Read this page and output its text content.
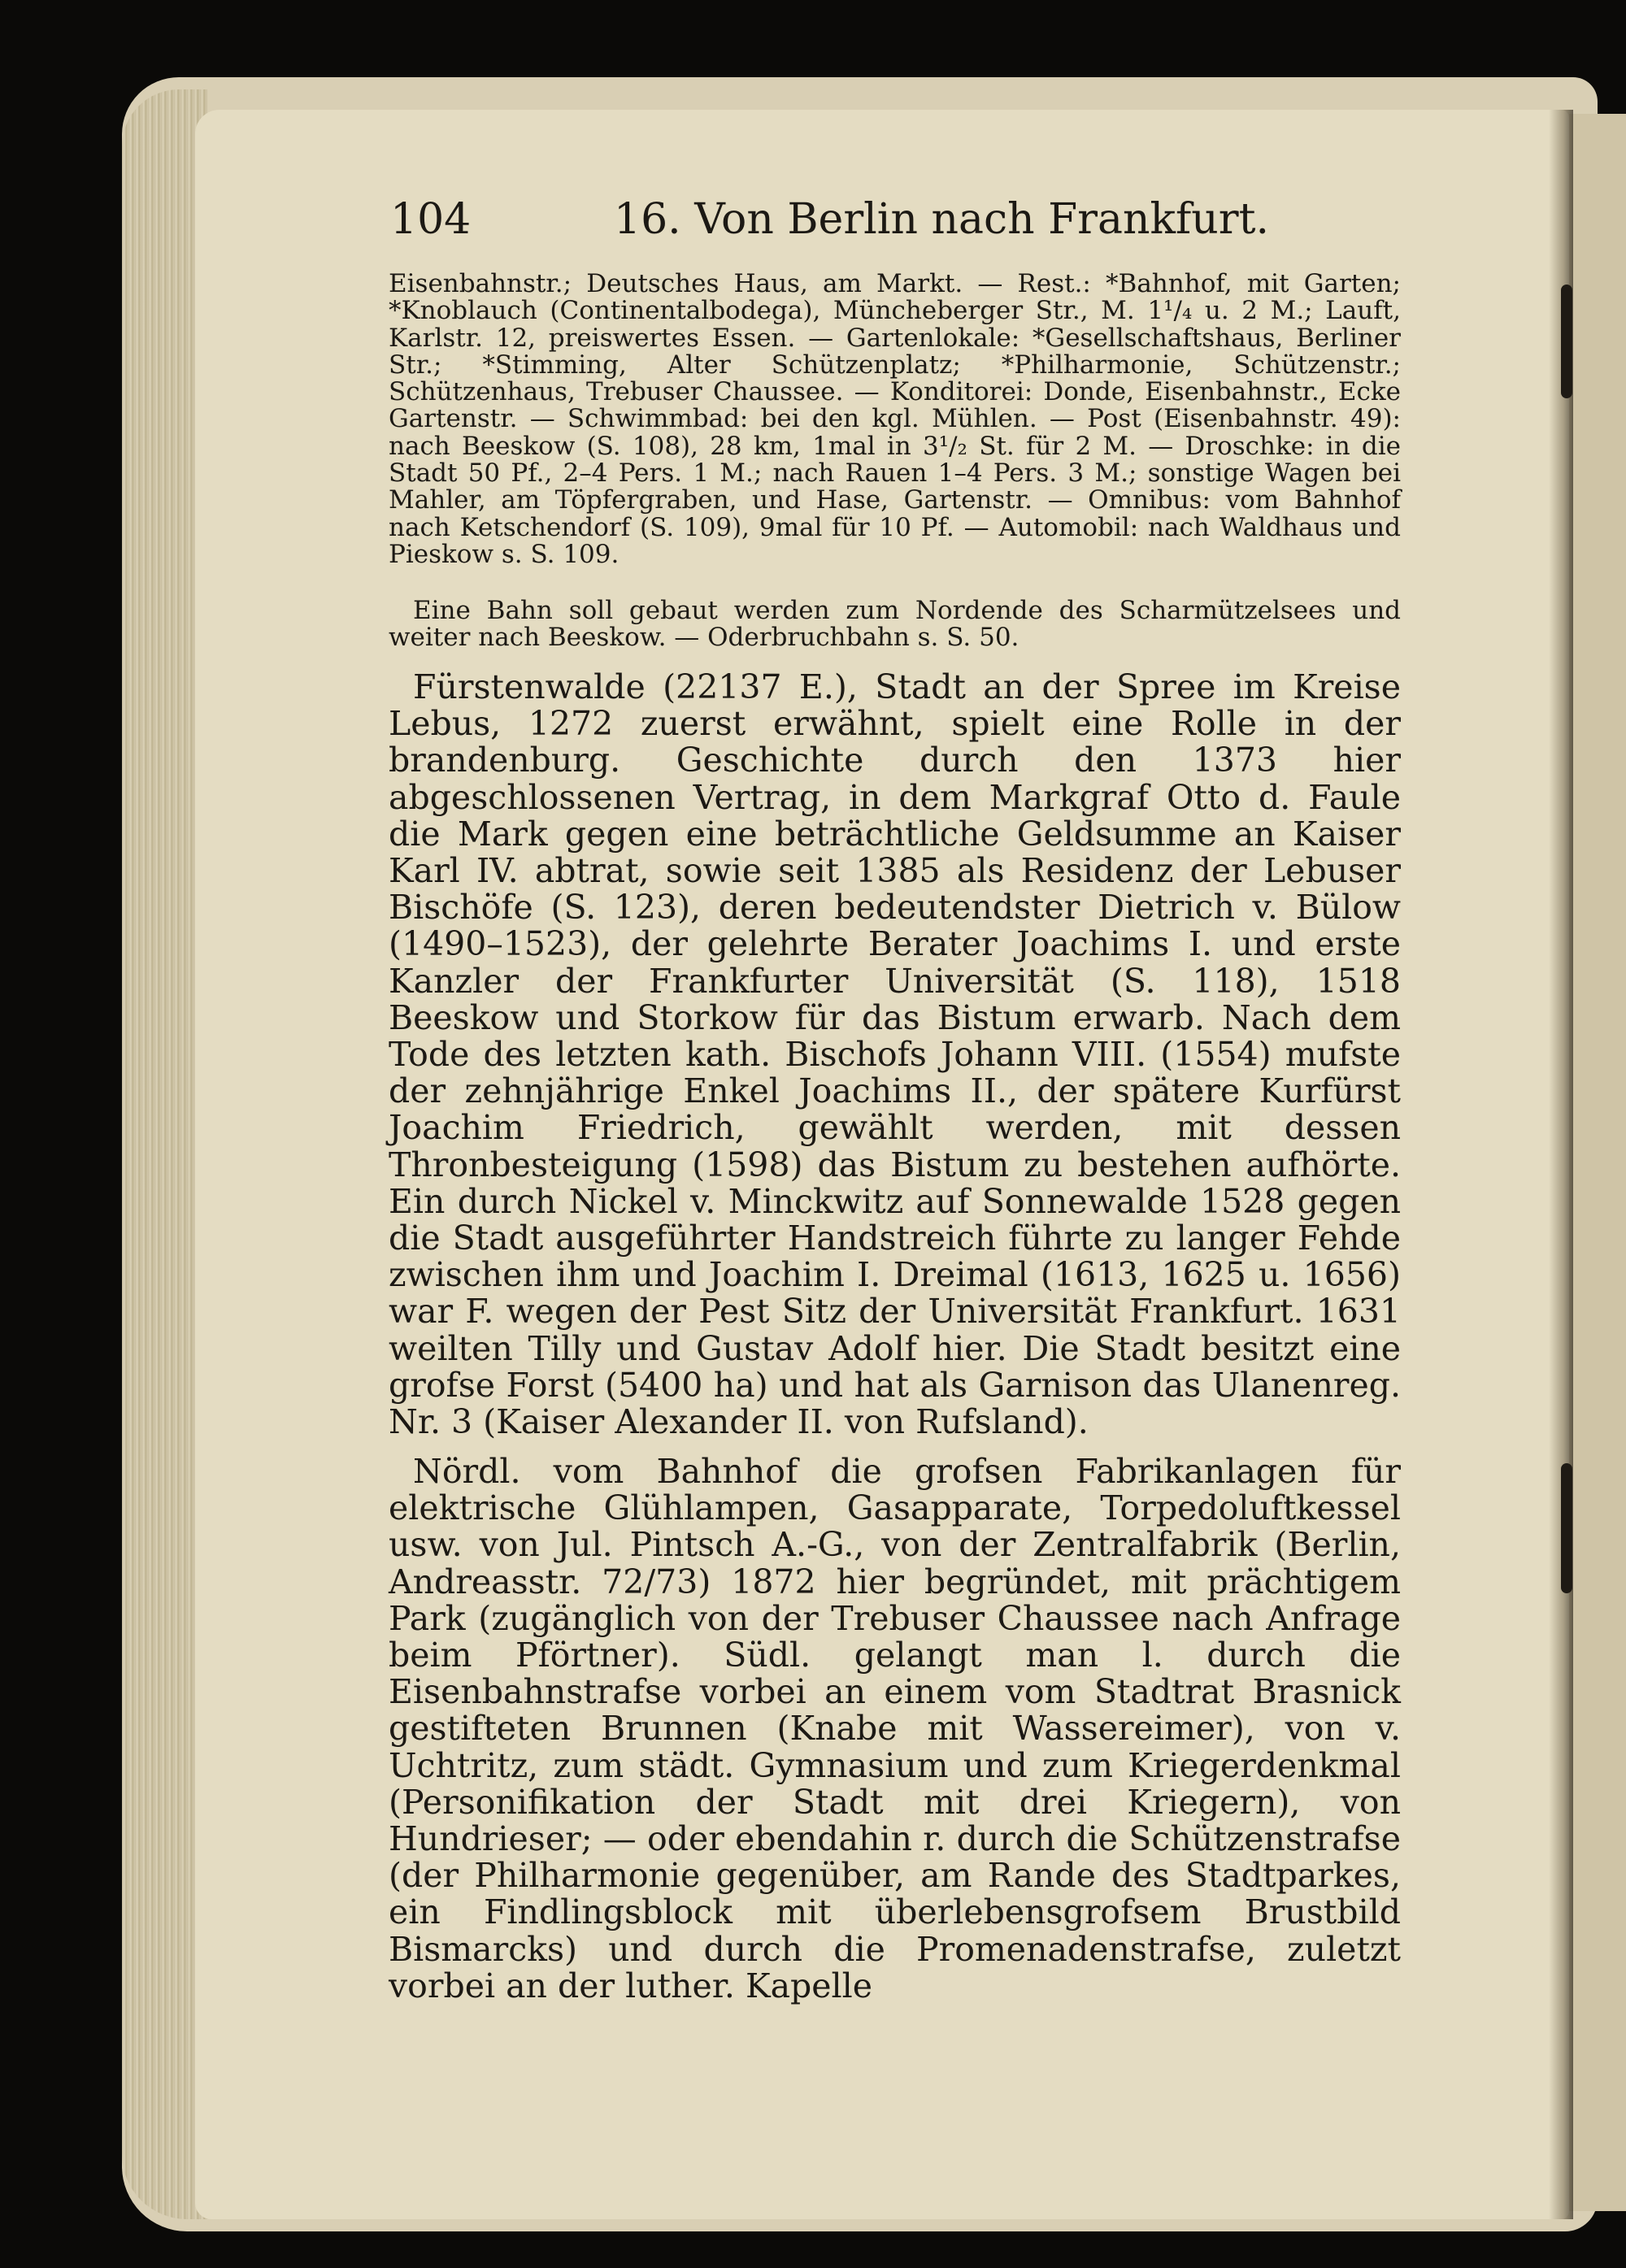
104	16. Von Berlin nach Frankfurt.

Eisenbahnstr.; Deutsches Haus, am Markt. — Rest.: *Bahnhof, mit Garten; *Knoblauch (Continentalbodega), Müncheberger Str., M. 1¹/₄ u. 2 M.; Lauft, Karlstr. 12, preiswertes Essen. — Gartenlokale: *Gesellschaftshaus, Berliner Str.; *Stimming, Alter Schützenplatz; *Philharmonie, Schützenstr.; Schützenhaus, Trebuser Chaussee. — Konditorei: Donde, Eisenbahnstr., Ecke Gartenstr. — Schwimmbad: bei den kgl. Mühlen. — Post (Eisenbahnstr. 49): nach Beeskow (S. 108), 28 km, 1mal in 3¹/₂ St. für 2 M. — Droschke: in die Stadt 50 Pf., 2–4 Pers. 1 M.; nach Rauen 1–4 Pers. 3 M.; sonstige Wagen bei Mahler, am Töpfergraben, und Hase, Gartenstr. — Omnibus: vom Bahnhof nach Ketschendorf (S. 109), 9mal für 10 Pf. — Automobil: nach Waldhaus und Pieskow s. S. 109.

Eine Bahn soll gebaut werden zum Nordende des Scharmützelsees und weiter nach Beeskow. — Oderbruchbahn s. S. 50.

Fürstenwalde (22137 E.), Stadt an der Spree im Kreise Lebus, 1272 zuerst erwähnt, spielt eine Rolle in der brandenburg. Geschichte durch den 1373 hier abgeschlossenen Vertrag, in dem Markgraf Otto d. Faule die Mark gegen eine beträchtliche Geldsumme an Kaiser Karl IV. abtrat, sowie seit 1385 als Residenz der Lebuser Bischöfe (S. 123), deren bedeutendster Dietrich v. Bülow (1490–1523), der gelehrte Berater Joachims I. und erste Kanzler der Frankfurter Universität (S. 118), 1518 Beeskow und Storkow für das Bistum erwarb. Nach dem Tode des letzten kath. Bischofs Johann VIII. (1554) mufste der zehnjährige Enkel Joachims II., der spätere Kurfürst Joachim Friedrich, gewählt werden, mit dessen Thronbesteigung (1598) das Bistum zu bestehen aufhörte. Ein durch Nickel v. Minckwitz auf Sonnewalde 1528 gegen die Stadt ausgeführter Handstreich führte zu langer Fehde zwischen ihm und Joachim I. Dreimal (1613, 1625 u. 1656) war F. wegen der Pest Sitz der Universität Frankfurt. 1631 weilten Tilly und Gustav Adolf hier. Die Stadt besitzt eine grofse Forst (5400 ha) und hat als Garnison das Ulanenreg. Nr. 3 (Kaiser Alexander II. von Rufsland).

Nördl. vom Bahnhof die grofsen Fabrikanlagen für elektrische Glühlampen, Gasapparate, Torpedoluftkessel usw. von Jul. Pintsch A.-G., von der Zentralfabrik (Berlin, Andreasstr. 72/73) 1872 hier begründet, mit prächtigem Park (zugänglich von der Trebuser Chaussee nach Anfrage beim Pförtner). Südl. gelangt man l. durch die Eisenbahnstrafse vorbei an einem vom Stadtrat Brasnick gestifteten Brunnen (Knabe mit Wassereimer), von v. Uchtritz, zum städt. Gymnasium und zum Kriegerdenkmal (Personifikation der Stadt mit drei Kriegern), von Hundrieser; — oder ebendahin r. durch die Schützenstrafse (der Philharmonie gegenüber, am Rande des Stadtparkes, ein Findlingsblock mit überlebensgrofsem Brustbild Bismarcks) und durch die Promenadenstrafse, zuletzt vorbei an der luther. Kapelle
